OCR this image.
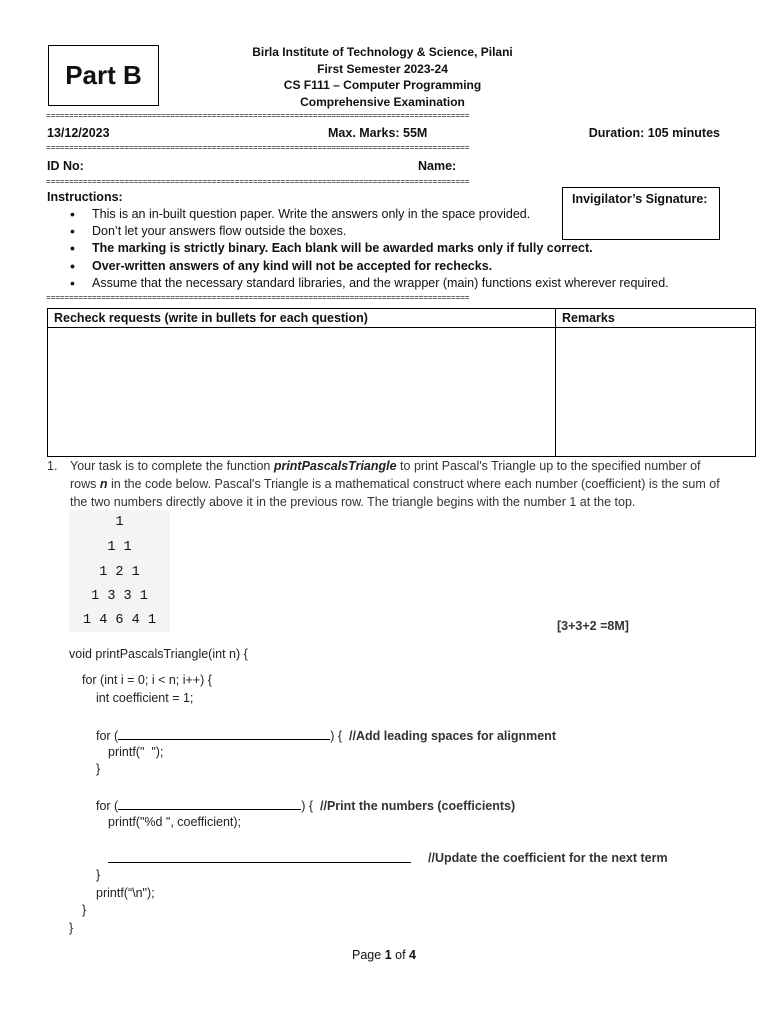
Part B
Birla Institute of Technology & Science, Pilani
First Semester 2023-24
CS F111 – Computer Programming
Comprehensive Examination
============================================================================================
13/12/2023	Max. Marks: 55M	Duration: 105 minutes
============================================================================================
ID No:	Name:
============================================================================================
Invigilator’s Signature:
Instructions:
• This is an in-built question paper. Write the answers only in the space provided.
• Don’t let your answers flow outside the boxes.
• The marking is strictly binary. Each blank will be awarded marks only if fully correct.
• Over-written answers of any kind will not be accepted for rechecks.
• Assume that the necessary standard libraries, and the wrapper (main) functions exist wherever required.
============================================================================================
Recheck requests (write in bullets for each question)	Remarks

1. Your task is to complete the function printPascalsTriangle to print Pascal's Triangle up to the specified number of rows n in the code below. Pascal's Triangle is a mathematical construct where each number (coefficient) is the sum of the two numbers directly above it in the previous row. The triangle begins with the number 1 at the top.
1
1 1
1 2 1
1 3 3 1
1 4 6 4 1	[3+3+2 =8M]
void printPascalsTriangle(int n) {
for (int i = 0; i < n; i++) {
int coefficient = 1;
for (	) { //Add leading spaces for alignment
printf("  ");
}
for (	) { //Print the numbers (coefficients)
printf("%d ", coefficient);
//Update the coefficient for the next term
}
printf(“\n");
}
}
Page 1 of 4
